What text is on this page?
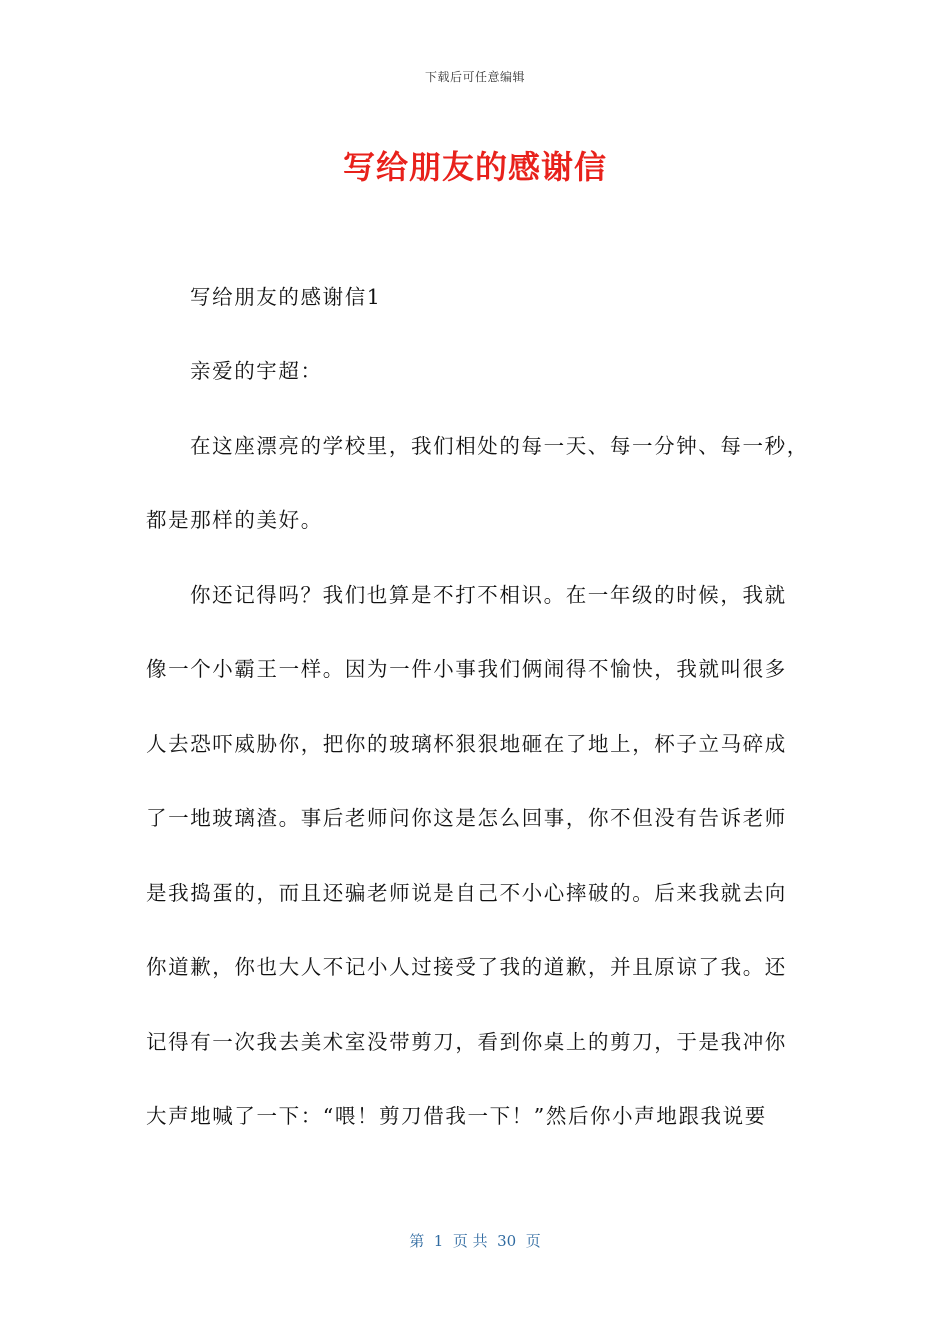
下载后可任意编辑
写给朋友的感谢信
写给朋友的感谢信1
亲爱的宇超：
在这座漂亮的学校里，我们相处的每一天、每一分钟、每一秒，
都是那样的美好。
你还记得吗？我们也算是不打不相识。在一年级的时候，我就
像一个小霸王一样。因为一件小事我们俩闹得不愉快，我就叫很多
人去恐吓威胁你，把你的玻璃杯狠狠地砸在了地上，杯子立马碎成
了一地玻璃渣。事后老师问你这是怎么回事，你不但没有告诉老师
是我捣蛋的，而且还骗老师说是自己不小心摔破的。后来我就去向
你道歉，你也大人不记小人过接受了我的道歉，并且原谅了我。还
记得有一次我去美术室没带剪刀，看到你桌上的剪刀，于是我冲你
大声地喊了一下：“喂！剪刀借我一下！”然后你小声地跟我说要
第  1  页 共  30  页
